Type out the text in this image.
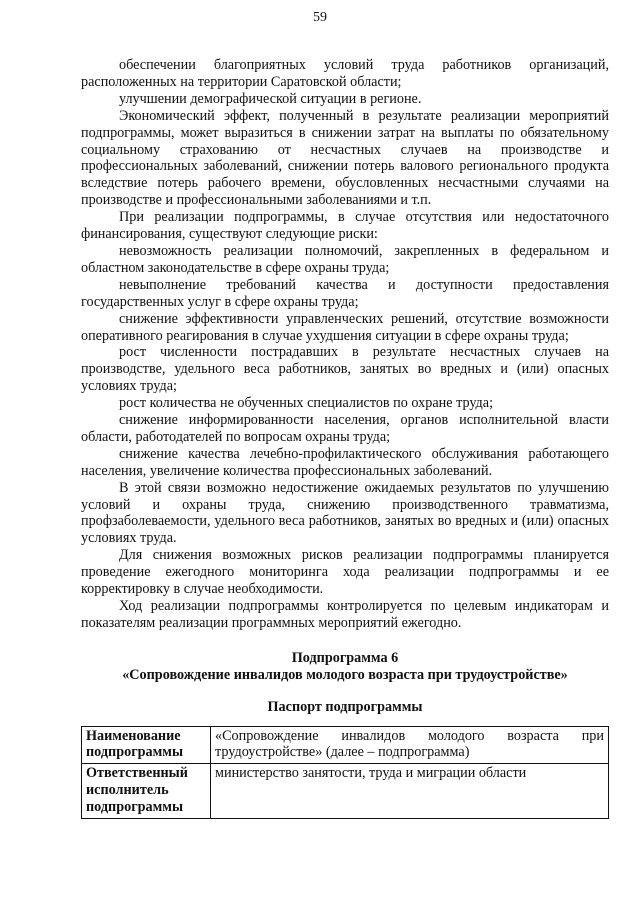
59

обеспечении благоприятных условий труда работников организаций, расположенных на территории Саратовской области;

улучшении демографической ситуации в регионе.

Экономический эффект, полученный в результате реализации мероприятий подпрограммы, может выразиться в снижении затрат на выплаты по обязательному социальному страхованию от несчастных случаев на производстве и профессиональных заболеваний, снижении потерь валового регионального продукта вследствие потерь рабочего времени, обусловленных несчастными случаями на производстве и профессиональными заболеваниями и т.п.

При реализации подпрограммы, в случае отсутствия или недостаточного финансирования, существуют следующие риски:

невозможность реализации полномочий, закрепленных в федеральном и областном законодательстве в сфере охраны труда;

невыполнение требований качества и доступности предоставления государственных услуг в сфере охраны труда;

снижение эффективности управленческих решений, отсутствие возможности оперативного реагирования в случае ухудшения ситуации в сфере охраны труда;

рост численности пострадавших в результате несчастных случаев на производстве, удельного веса работников, занятых во вредных и (или) опасных условиях труда;

рост количества не обученных специалистов по охране труда;

снижение информированности населения, органов исполнительной власти области, работодателей по вопросам охраны труда;

снижение качества лечебно-профилактического обслуживания работающего населения, увеличение количества профессиональных заболеваний.

В этой связи возможно недостижение ожидаемых результатов по улучшению условий и охраны труда, снижению производственного травматизма, профзаболеваемости, удельного веса работников, занятых во вредных и (или) опасных условиях труда.

Для снижения возможных рисков реализации подпрограммы планируется проведение ежегодного мониторинга хода реализации подпрограммы и ее корректировку в случае необходимости.

Ход реализации подпрограммы контролируется по целевым индикаторам и показателям реализации программных мероприятий ежегодно.

Подпрограмма 6

«Сопровождение инвалидов молодого возраста при трудоустройстве»

Паспорт подпрограммы

Наименование подпрограммы	«Сопровождение инвалидов молодого возраста при трудоустройстве» (далее – подпрограмма)
Ответственный исполнитель подпрограммы	министерство занятости, труда и миграции области
